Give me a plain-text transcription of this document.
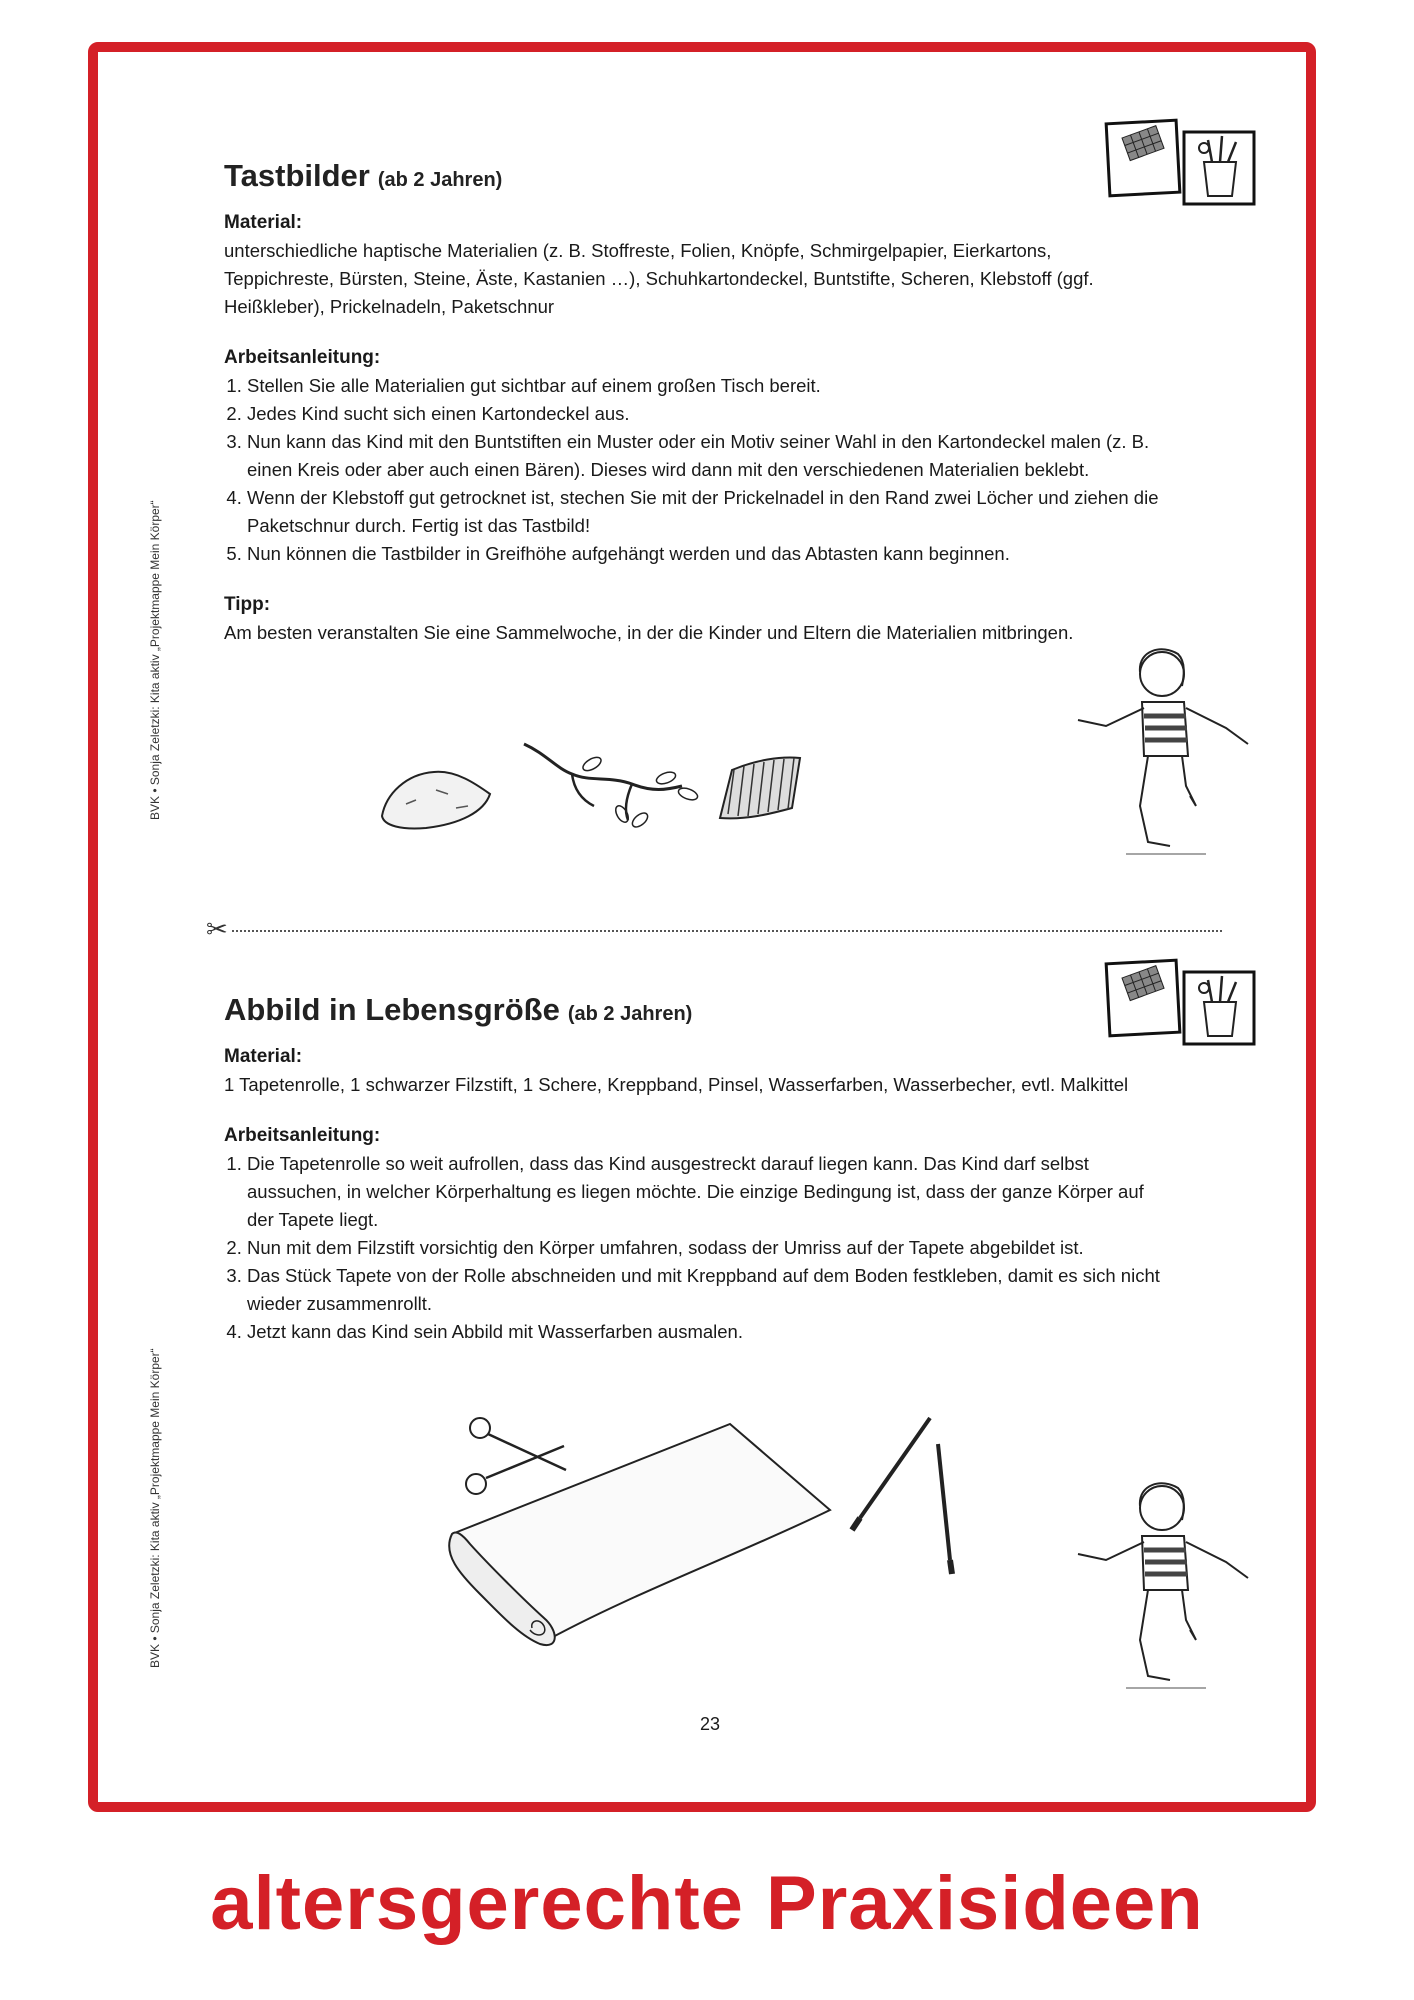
BVK • Sonja Zeletzki: Kita aktiv „Projektmappe Mein Körper“
BVK • Sonja Zeletzki: Kita aktiv „Projektmappe Mein Körper“
Tastbilder (ab 2 Jahren)
Material:

unterschiedliche haptische Materialien (z. B. Stoffreste, Folien, Knöpfe, Schmirgelpapier, Eierkartons, Teppichreste, Bürsten, Steine, Äste, Kastanien …), Schuhkartondeckel, Buntstifte, Scheren, Klebstoff (ggf. Heißkleber), Prickelnadeln, Paketschnur

Arbeitsanleitung:
1. Stellen Sie alle Materialien gut sichtbar auf einem großen Tisch bereit.
2. Jedes Kind sucht sich einen Kartondeckel aus.
3. Nun kann das Kind mit den Buntstiften ein Muster oder ein Motiv seiner Wahl in den Kartondeckel malen (z. B. einen Kreis oder aber auch einen Bären). Dieses wird dann mit den verschiedenen Materialien beklebt.
4. Wenn der Klebstoff gut getrocknet ist, stechen Sie mit der Prickelnadel in den Rand zwei Löcher und ziehen die Paketschnur durch. Fertig ist das Tastbild!
5. Nun können die Tastbilder in Greifhöhe aufgehängt werden und das Abtasten kann beginnen.
Tipp:

Am besten veranstalten Sie eine Sammelwoche, in der die Kinder und Eltern die Materialien mitbringen.

✂
Abbild in Lebensgröße (ab 2 Jahren)
Material:

1 Tapetenrolle, 1 schwarzer Filzstift, 1 Schere, Kreppband, Pinsel, Wasserfarben, Wasserbecher, evtl. Malkittel

Arbeitsanleitung:
1. Die Tapetenrolle so weit aufrollen, dass das Kind ausgestreckt darauf liegen kann. Das Kind darf selbst aussuchen, in welcher Körperhaltung es liegen möchte. Die einzige Bedingung ist, dass der ganze Körper auf der Tapete liegt.
2. Nun mit dem Filzstift vorsichtig den Körper umfahren, sodass der Umriss auf der Tapete abgebildet ist.
3. Das Stück Tapete von der Rolle abschneiden und mit Kreppband auf dem Boden festkleben, damit es sich nicht wieder zusammenrollt.
4. Jetzt kann das Kind sein Abbild mit Wasserfarben ausmalen.
23
altersgerechte Praxisideen
